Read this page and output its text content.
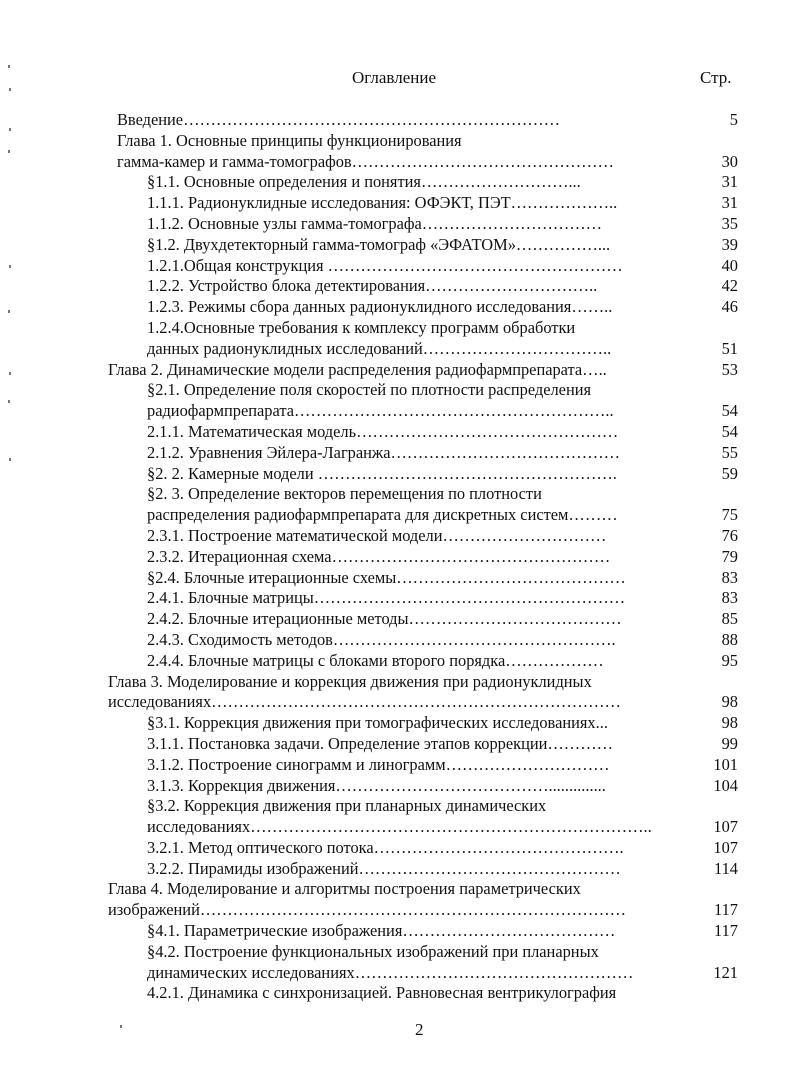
Оглавление	Стр.
Введение……………………………………………………………	5
Глава 1. Основные принципы функционирования
гамма-камер и гамма-томографов…………………………………………	30
§1.1. Основные определения и понятия………………………...	31
1.1.1. Радионуклидные исследования: ОФЭКТ, ПЭТ………………..	31
1.1.2. Основные узлы гамма-томографа……………………………	35
§1.2. Двухдетекторный гамма-томограф «ЭФАТОМ»……………...	39
1.2.1.Общая конструкция ………………………………………………	40
1.2.2. Устройство блока детектирования…………………………..	42
1.2.3. Режимы сбора данных радионуклидного исследования……..	46
1.2.4.Основные требования к комплексу программ обработки
данных радионуклидных исследований……………………………..	51
Глава 2. Динамические модели распределения радиофармпрепарата…..	53
§2.1. Определение поля скоростей по плотности распределения
радиофармпрепарата…………………………………………………..	54
2.1.1. Математическая модель…………………………………………	54
2.1.2. Уравнения Эйлера-Лагранжа……………………………………	55
§2. 2. Камерные модели ……………………………………………….	59
§2. 3. Определение векторов перемещения по плотности
распределения радиофармпрепарата для дискретных систем………	75
2.3.1. Построение математической модели…………………………	76
2.3.2. Итерационная схема……………………………………………	79
§2.4. Блочные итерационные схемы……………………………………	83
2.4.1. Блочные матрицы…………………………………………………	83
2.4.2. Блочные итерационные методы…………………………………	85
2.4.3. Сходимость методов…………………………………………….	88
2.4.4. Блочные матрицы с блоками второго порядка………………	95
Глава 3. Моделирование и коррекция движения при радионуклидных
исследованиях…………………………………………………………………	98
§3.1. Коррекция движения при томографических исследованиях...	98
3.1.1. Постановка задачи. Определение этапов коррекции…………	99
3.1.2. Построение синограмм и линограмм…………………………	101
3.1.3. Коррекция движения…………………………………..............	104
§3.2. Коррекция движения при планарных динамических
исследованиях………………………………………………………………..	107
3.2.1. Метод оптического потока……………………………………….	107
3.2.2. Пирамиды изображений…………………………………………	114
Глава 4. Моделирование и алгоритмы построения параметрических
изображений……………………………………………………………………	117
§4.1. Параметрические изображения…………………………………	117
§4.2. Построение функциональных изображений при планарных
динамических исследованиях……………………………………………	121
4.2.1. Динамика с синхронизацией. Равновесная вентрикулография
2
